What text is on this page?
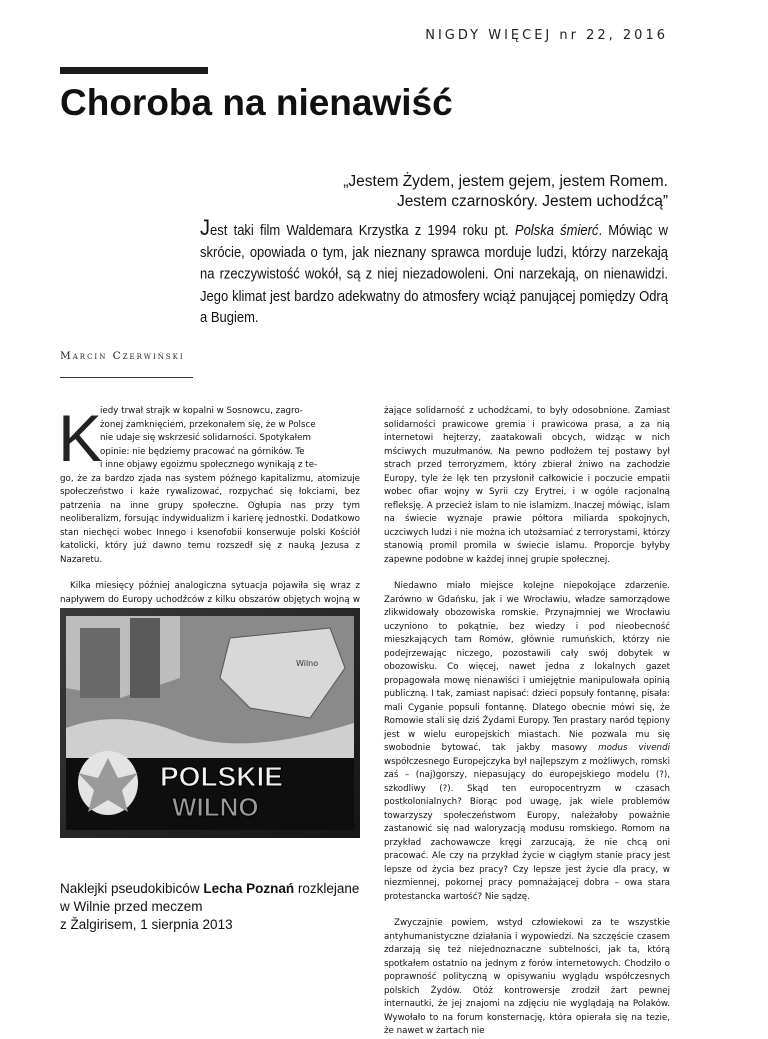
NIGDY WIĘCEJ nr 22, 2016
Choroba na nienawiść
„Jestem Żydem, jestem gejem, jestem Romem.
Jestem czarnoskóry. Jestem uchodźcą”
Jest taki film Waldemara Krzystka z 1994 roku pt. Polska śmierć. Mówiąc w skrócie, opowiada o tym, jak nieznany sprawca morduje ludzi, którzy narzekają na rzeczywistość wokół, są z niej niezadowoleni. Oni narzekają, on nienawidzi. Jego klimat jest bardzo adekwatny do atmosfery wciąż panującej pomiędzy Odrą a Bugiem.
Marcin Czerwiński
K
iedy trwał strajk w kopalni w Sosnowcu, zagro-
żonej zamknięciem, przekonałem się, że w Polsce
nie udaje się wskrzesić solidarności. Spotykałem
opinie: nie będziemy pracować na górników. Te
i inne objawy egoizmu społecznego wynikają z te-
go, że za bardzo zjada nas system późnego kapitalizmu, atomizuje społeczeństwo i każe rywalizować, rozpychać się łokciami, bez patrzenia na inne grupy społeczne. Ogłupia nas przy tym neoliberalizm, forsując indywidualizm i karierę jednostki. Dodatkowo stan niechęci wobec Innego i ksenofobii konserwuje polski Kościół katolicki, który już dawno temu rozszedł się z nauką Jezusa z Nazaretu.

Kilka miesięcy później analogiczna sytuacja pojawiła się wraz z napływem do Europy uchodźców z kilku obszarów objętych wojną w

Wilno
POLSKIE
WILNO
Naklejki pseudokibiców Lecha Poznań rozklejane w Wilnie przed meczem
z Žalgirisem, 1 sierpnia 2013

żające solidarność z uchodźcami, to były odosobnione. Zamiast solidarności prawicowe gremia i prawicowa prasa, a za nią internetowi hejterzy, zaatakowali obcych, widząc w nich mściwych muzułmanów. Na pewno podłożem tej postawy był strach przed terroryzmem, który zbierał żniwo na zachodzie Europy, tyle że lęk ten przysłonił całkowicie i poczucie empatii wobec ofiar wojny w Syrii czy Erytrei, i w ogóle racjonalną refleksję. A przecież islam to nie islamizm. Inaczej mówiąc, islam na świecie wyznaje prawie półtora miliarda spokojnych, uczciwych ludzi i nie można ich utożsamiać z terrorystami, którzy stanowią promil promila w świecie islamu. Proporcje byłyby zapewne podobne w każdej innej grupie społecznej.

Niedawno miało miejsce kolejne niepokojące zdarzenie. Zarówno w Gdańsku, jak i we Wrocławiu, władze samorządowe zlikwidowały obozowiska romskie. Przynajmniej we Wrocławiu uczyniono to pokątnie, bez wiedzy i pod nieobecność mieszkających tam Romów, głównie rumuńskich, którzy nie podejrzewając niczego, pozostawili cały swój dobytek w obozowisku. Co więcej, nawet jedna z lokalnych gazet propagowała mowę nienawiści i umiejętnie manipulowała opinią publiczną. I tak, zamiast napisać: dzieci popsuły fontannę, pisała: mali Cyganie popsuli fontannę. Dlatego obecnie mówi się, że Romowie stali się dziś Żydami Europy. Ten prastary naród tępiony jest w wielu europejskich miastach. Nie pozwala mu się swobodnie bytować, tak jakby masowy modus vivendi współczesnego Europejczyka był najlepszym z możliwych, romski zaś – (naj)gorszy, niepasujący do europejskiego modelu (?), szkodliwy (?). Skąd ten europocentryzm w czasach postkolonialnych? Biorąc pod uwagę, jak wiele problemów towarzyszy społeczeństwom Europy, należałoby poważnie zastanowić się nad waloryzacją modusu romskiego. Romom na przykład zachowawcze kręgi zarzucają, że nie chcą oni pracować. Ale czy na przykład życie w ciągłym stanie pracy jest lepsze od życia bez pracy? Czy lepsze jest życie dla pracy, w niezmiennej, pokornej pracy pomnażającej dobra – owa stara protestancka wartość? Nie sądzę.

Zwyczajnie powiem, wstyd człowiekowi za te wszystkie antyhumanistyczne działania i wypowiedzi. Na szczęście czasem zdarzają się też niejednoznaczne subtelności, jak ta, którą spotkałem ostatnio na jednym z forów internetowych. Chodziło o poprawność polityczną w opisywaniu wyglądu współczesnych polskich Żydów. Otóż kontrowersje zrodził żart pewnej internautki, że jej znajomi na zdjęciu nie wyglądają na Polaków. Wywołało to na forum konsternację, która opierała się na tezie, że nawet w żartach nie
